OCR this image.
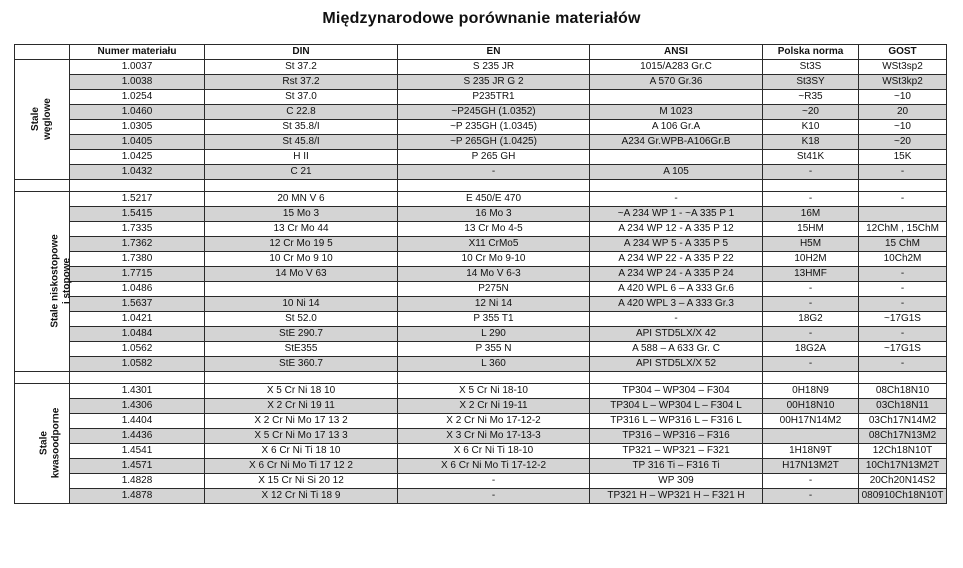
Międzynarodowe porównanie materiałów
	Numer materiału	DIN	EN	ANSI	Polska norma	GOST

Stale węglowe	1.0037	St 37.2	S 235 JR	1015/A283 Gr.C	St3S	WSt3sp2
	1.0038	Rst 37.2	S 235 JR G 2	A 570 Gr.36	St3SY	WSt3kp2
	1.0254	St 37.0	P235TR1		~R35	~10
	1.0460	C 22.8	~P245GH (1.0352)	M 1023	~20	20
	1.0305	St 35.8/I	~P 235GH (1.0345)	A 106 Gr.A	K10	~10
	1.0405	St 45.8/I	~P 265GH (1.0425)	A234 Gr.WPB-A106Gr.B	K18	~20
	1.0425	H II	P 265 GH		St41K	15K
	1.0432	C 21	-	A 105	-	-

Stale niskostopowe i stopowe	1.5217	20 MN V 6	E 450/E 470	-	-	-
	1.5415	15 Mo 3	16 Mo 3	~A 234 WP 1 - ~A 335 P 1	16M	
	1.7335	13 Cr Mo 44	13 Cr Mo 4-5	A 234 WP 12 - A 335 P 12	15HM	12ChM , 15ChM
	1.7362	12 Cr Mo 19 5	X11 CrMo5	A 234 WP 5 - A 335 P 5	H5M	15 ChM
	1.7380	10 Cr Mo 9 10	10 Cr Mo 9-10	A 234 WP 22 - A 335 P 22	10H2M	10Ch2M
	1.7715	14 Mo V 63	14 Mo V 6-3	A 234 WP 24 - A 335 P 24	13HMF	-
	1.0486		P275N	A 420 WPL 6 – A 333 Gr.6	-	-
	1.5637	10 Ni 14	12 Ni 14	A 420 WPL 3 – A 333 Gr.3	-	-
	1.0421	St 52.0	P 355 T1	-	18G2	~17G1S
	1.0484	StE 290.7	L 290	API STD5LX/X 42	-	-
	1.0562	StE355	P 355 N	A 588 – A 633 Gr. C	18G2A	~17G1S
	1.0582	StE 360.7	L 360	API STD5LX/X 52	-	-

Stale kwasoodporne	1.4301	X 5 Cr Ni 18 10	X 5 Cr Ni 18-10	TP304 – WP304 – F304	0H18N9	08Ch18N10
	1.4306	X 2 Cr Ni 19 11	X 2 Cr Ni 19-11	TP304 L – WP304 L – F304 L	00H18N10	03Ch18N11
	1.4404	X 2 Cr Ni Mo 17 13 2	X 2 Cr Ni Mo 17-12-2	TP316 L – WP316 L – F316 L	00H17N14M2	03Ch17N14M2
	1.4436	X 5 Cr Ni Mo 17 13 3	X 3 Cr Ni Mo 17-13-3	TP316 – WP316 – F316		08Ch17N13M2
	1.4541	X 6 Cr Ni Ti 18 10	X 6 Cr Ni Ti 18-10	TP321 – WP321 – F321	1H18N9T	12Ch18N10T
	1.4571	X 6 Cr Ni Mo Ti 17 12 2	X 6 Cr Ni Mo Ti 17-12-2	TP 316 Ti – F316 Ti	H17N13M2T	10Ch17N13M2T
	1.4828	X 15 Cr Ni Si 20 12	-	WP 309	-	20Ch20N14S2
	1.4878	X 12 Cr Ni Ti 18 9	-	TP321 H – WP321 H – F321 H	-	080910Ch18N10T
